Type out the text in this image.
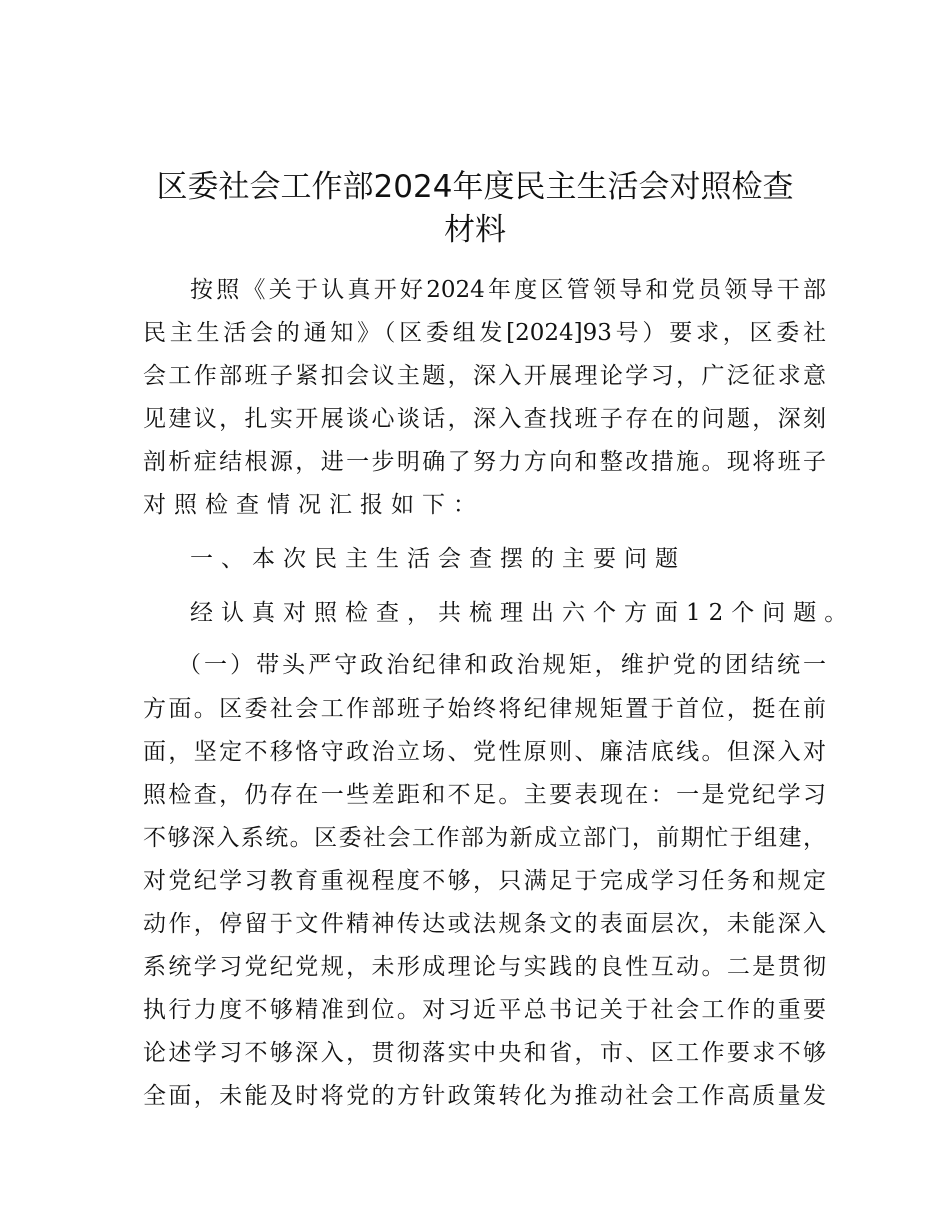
区委社会工作部2024年度民主生活会对照检查
材料
按照《关于认真开好2024年度区管领导和党员领导干部
民主生活会的通知》（区委组发[2024]93号）要求，区委社
会工作部班子紧扣会议主题，深入开展理论学习，广泛征求意
见建议，扎实开展谈心谈话，深入查找班子存在的问题，深刻
剖析症结根源，进一步明确了努力方向和整改措施。现将班子
对照检查情况汇报如下：
一、本次民主生活会查摆的主要问题
经认真对照检查，共梳理出六个方面12个问题。
（一）带头严守政治纪律和政治规矩，维护党的团结统一
方面。区委社会工作部班子始终将纪律规矩置于首位，挺在前
面，坚定不移恪守政治立场、党性原则、廉洁底线。但深入对
照检查，仍存在一些差距和不足。主要表现在：一是党纪学习
不够深入系统。区委社会工作部为新成立部门，前期忙于组建，
对党纪学习教育重视程度不够，只满足于完成学习任务和规定
动作，停留于文件精神传达或法规条文的表面层次，未能深入
系统学习党纪党规，未形成理论与实践的良性互动。二是贯彻
执行力度不够精准到位。对习近平总书记关于社会工作的重要
论述学习不够深入，贯彻落实中央和省，市、区工作要求不够
全面，未能及时将党的方针政策转化为推动社会工作高质量发
